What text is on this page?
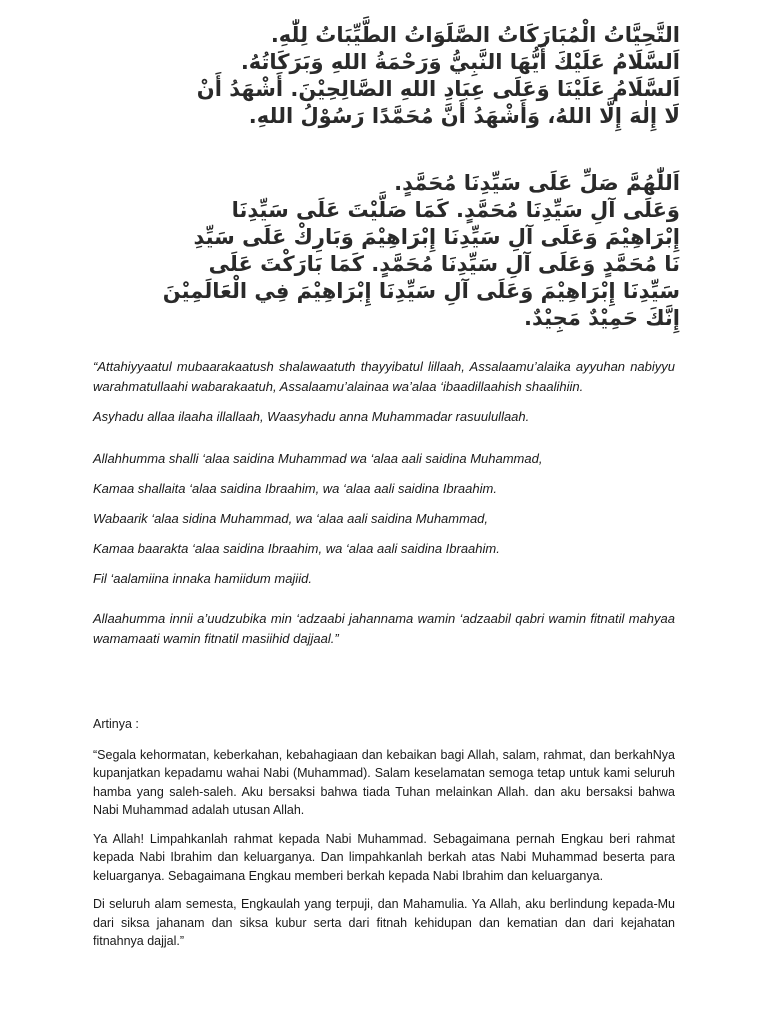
التَّحِيَّاتُ الْمُبَارَكَاتُ الصَّلَوَاتُ الطَّيِّبَاتُ لِلّٰهِ.
اَلسَّلَامُ عَلَيْكَ أَيُّهَا النَّبِيُّ وَرَحْمَةُ اللهِ وَبَرَكَاتُهُ.
اَلسَّلَامُ عَلَيْنَا وَعَلَى عِبَادِ اللهِ الصَّالِحِيْنَ. أَشْهَدُ أَنْ
لَا إِلٰهَ إِلَّا اللهُ، وَأَشْهَدُ أَنَّ مُحَمَّدًا رَسُوْلُ اللهِ.
اَللّٰهُمَّ صَلِّ عَلَى سَيِّدِنَا مُحَمَّدٍ.
وَعَلَى آلِ سَيِّدِنَا مُحَمَّدٍ. كَمَا صَلَّيْتَ عَلَى سَيِّدِنَا
إِبْرَاهِيْمَ وَعَلَى آلِ سَيِّدِنَا إِبْرَاهِيْمَ وَبَارِكْ عَلَى سَيِّدِ
نَا مُحَمَّدٍ وَعَلَى آلِ سَيِّدِنَا مُحَمَّدٍ. كَمَا بَارَكْتَ عَلَى
سَيِّدِنَا إِبْرَاهِيْمَ وَعَلَى آلِ سَيِّدِنَا إِبْرَاهِيْمَ فِي الْعَالَمِيْنَ
إِنَّكَ حَمِيْدٌ مَجِيْدٌ.

“Attahiyyaatul mubaarakaatush shalawaatuth thayyibatul lillaah, Assalaamu’alaika ayyuhan nabiyyu warahmatullaahi wabarakaatuh, Assalaamu’alainaa wa’alaa ‘ibaadillaahish shaalihiin.

Asyhadu allaa ilaaha illallaah, Waasyhadu anna Muhammadar rasuulullaah.

Allahhumma shalli ‘alaa saidina Muhammad wa ‘alaa aali saidina Muhammad,

Kamaa shallaita ‘alaa saidina Ibraahim, wa ‘alaa aali saidina Ibraahim.

Wabaarik ‘alaa sidina Muhammad, wa ‘alaa aali saidina Muhammad,

Kamaa baarakta ‘alaa saidina Ibraahim, wa ‘alaa aali saidina Ibraahim.

Fil ‘aalamiina innaka hamiidum majiid.

Allaahumma innii a’uudzubika min ‘adzaabi jahannama wamin ‘adzaabil qabri wamin fitnatil mahyaa wamamaati wamin fitnatil masiihid dajjaal.”

Artinya :

“Segala kehormatan, keberkahan, kebahagiaan dan kebaikan bagi Allah, salam, rahmat, dan berkahNya kupanjatkan kepadamu wahai Nabi (Muhammad). Salam keselamatan semoga tetap untuk kami seluruh hamba yang saleh-saleh. Aku bersaksi bahwa tiada Tuhan melainkan Allah. dan aku bersaksi bahwa Nabi Muhammad adalah utusan Allah.

Ya Allah! Limpahkanlah rahmat kepada Nabi Muhammad. Sebagaimana pernah Engkau beri rahmat kepada Nabi Ibrahim dan keluarganya. Dan limpahkanlah berkah atas Nabi Muhammad beserta para keluarganya. Sebagaimana Engkau memberi berkah kepada Nabi Ibrahim dan keluarganya.

Di seluruh alam semesta, Engkaulah yang terpuji, dan Mahamulia. Ya Allah, aku berlindung kepada-Mu dari siksa jahanam dan siksa kubur serta dari fitnah kehidupan dan kematian dan dari kejahatan fitnahnya dajjal.”
